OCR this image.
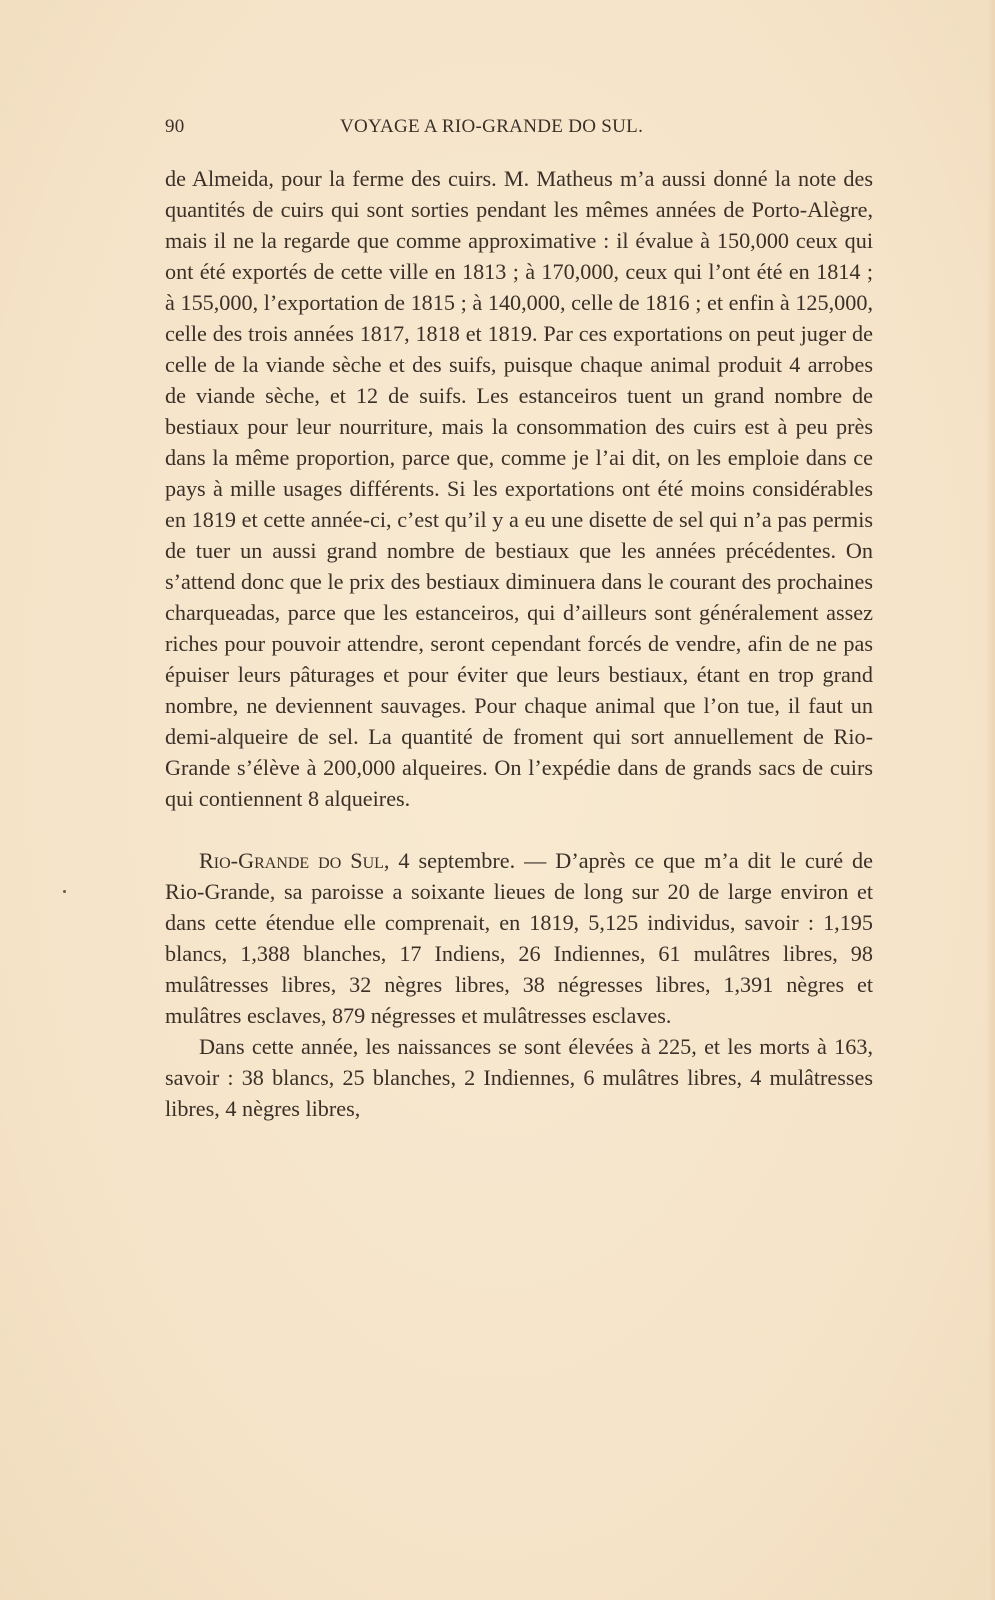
90	VOYAGE A RIO-GRANDE DO SUL.

de Almeida, pour la ferme des cuirs. M. Matheus m’a aussi donné la note des quantités de cuirs qui sont sorties pendant les mêmes années de Porto-Alègre, mais il ne la regarde que comme approximative : il évalue à 150,000 ceux qui ont été exportés de cette ville en 1813 ; à 170,000, ceux qui l’ont été en 1814 ; à 155,000, l’exportation de 1815 ; à 140,000, celle de 1816 ; et enfin à 125,000, celle des trois années 1817, 1818 et 1819. Par ces exportations on peut juger de celle de la viande sèche et des suifs, puisque chaque animal produit 4 arrobes de viande sèche, et 12 de suifs. Les estanceiros tuent un grand nombre de bestiaux pour leur nourriture, mais la consommation des cuirs est à peu près dans la même proportion, parce que, comme je l’ai dit, on les emploie dans ce pays à mille usages différents. Si les exportations ont été moins considérables en 1819 et cette année-ci, c’est qu’il y a eu une disette de sel qui n’a pas permis de tuer un aussi grand nombre de bestiaux que les années précédentes. On s’attend donc que le prix des bestiaux diminuera dans le courant des prochaines charqueadas, parce que les estanceiros, qui d’ailleurs sont généralement assez riches pour pouvoir attendre, seront cependant forcés de vendre, afin de ne pas épuiser leurs pâturages et pour éviter que leurs bestiaux, étant en trop grand nombre, ne deviennent sauvages. Pour chaque animal que l’on tue, il faut un demi-alqueire de sel. La quantité de froment qui sort annuellement de Rio-Grande s’élève à 200,000 alqueires. On l’expédie dans de grands sacs de cuirs qui contiennent 8 alqueires.

Rio-Grande do Sul, 4 septembre. — D’après ce que m’a dit le curé de Rio-Grande, sa paroisse a soixante lieues de long sur 20 de large environ et dans cette étendue elle comprenait, en 1819, 5,125 individus, savoir : 1,195 blancs, 1,388 blanches, 17 Indiens, 26 Indiennes, 61 mulâtres libres, 98 mulâtresses libres, 32 nègres libres, 38 négresses libres, 1,391 nègres et mulâtres esclaves, 879 négresses et mulâtresses esclaves.

Dans cette année, les naissances se sont élevées à 225, et les morts à 163, savoir : 38 blancs, 25 blanches, 2 Indiennes, 6 mulâtres libres, 4 mulâtresses libres, 4 nègres libres,
